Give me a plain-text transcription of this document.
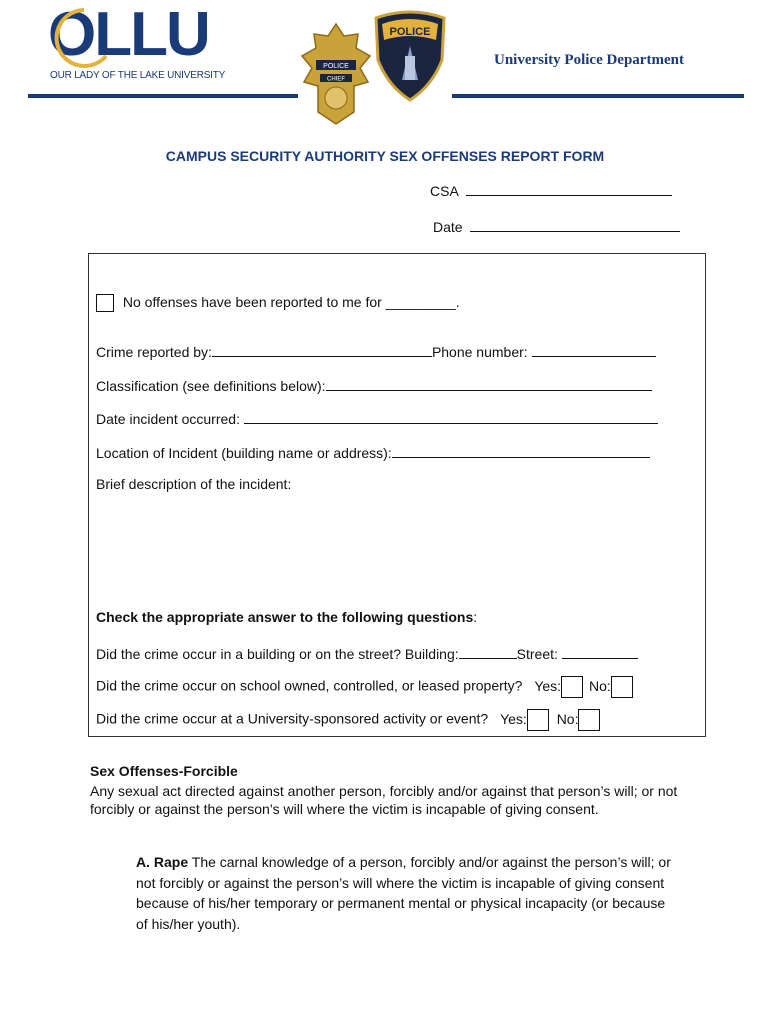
OLLU
OUR LADY OF THE LAKE UNIVERSITY
POLICE
CHIEF
POLICE
University Police Department
CAMPUS SECURITY AUTHORITY SEX OFFENSES REPORT FORM
CSA
Date
No offenses have been reported to me for _________.
Crime reported by:	Phone number:
Classification (see definitions below):
Date incident occurred:
Location of Incident (building name or address):
Brief description of the incident:
Check the appropriate answer to the following questions:
Did the crime occur in a building or on the street? Building:	Street:
Did the crime occur on school owned, controlled, or leased property? Yes: No:
Did the crime occur at a University-sponsored activity or event? Yes: No:
Sex Offenses-Forcible
Any sexual act directed against another person, forcibly and/or against that person’s will; or not forcibly or against the person’s will where the victim is incapable of giving consent.
A. Rape The carnal knowledge of a person, forcibly and/or against the person’s will; or not forcibly or against the person’s will where the victim is incapable of giving consent because of his/her temporary or permanent mental or physical incapacity (or because of his/her youth).
